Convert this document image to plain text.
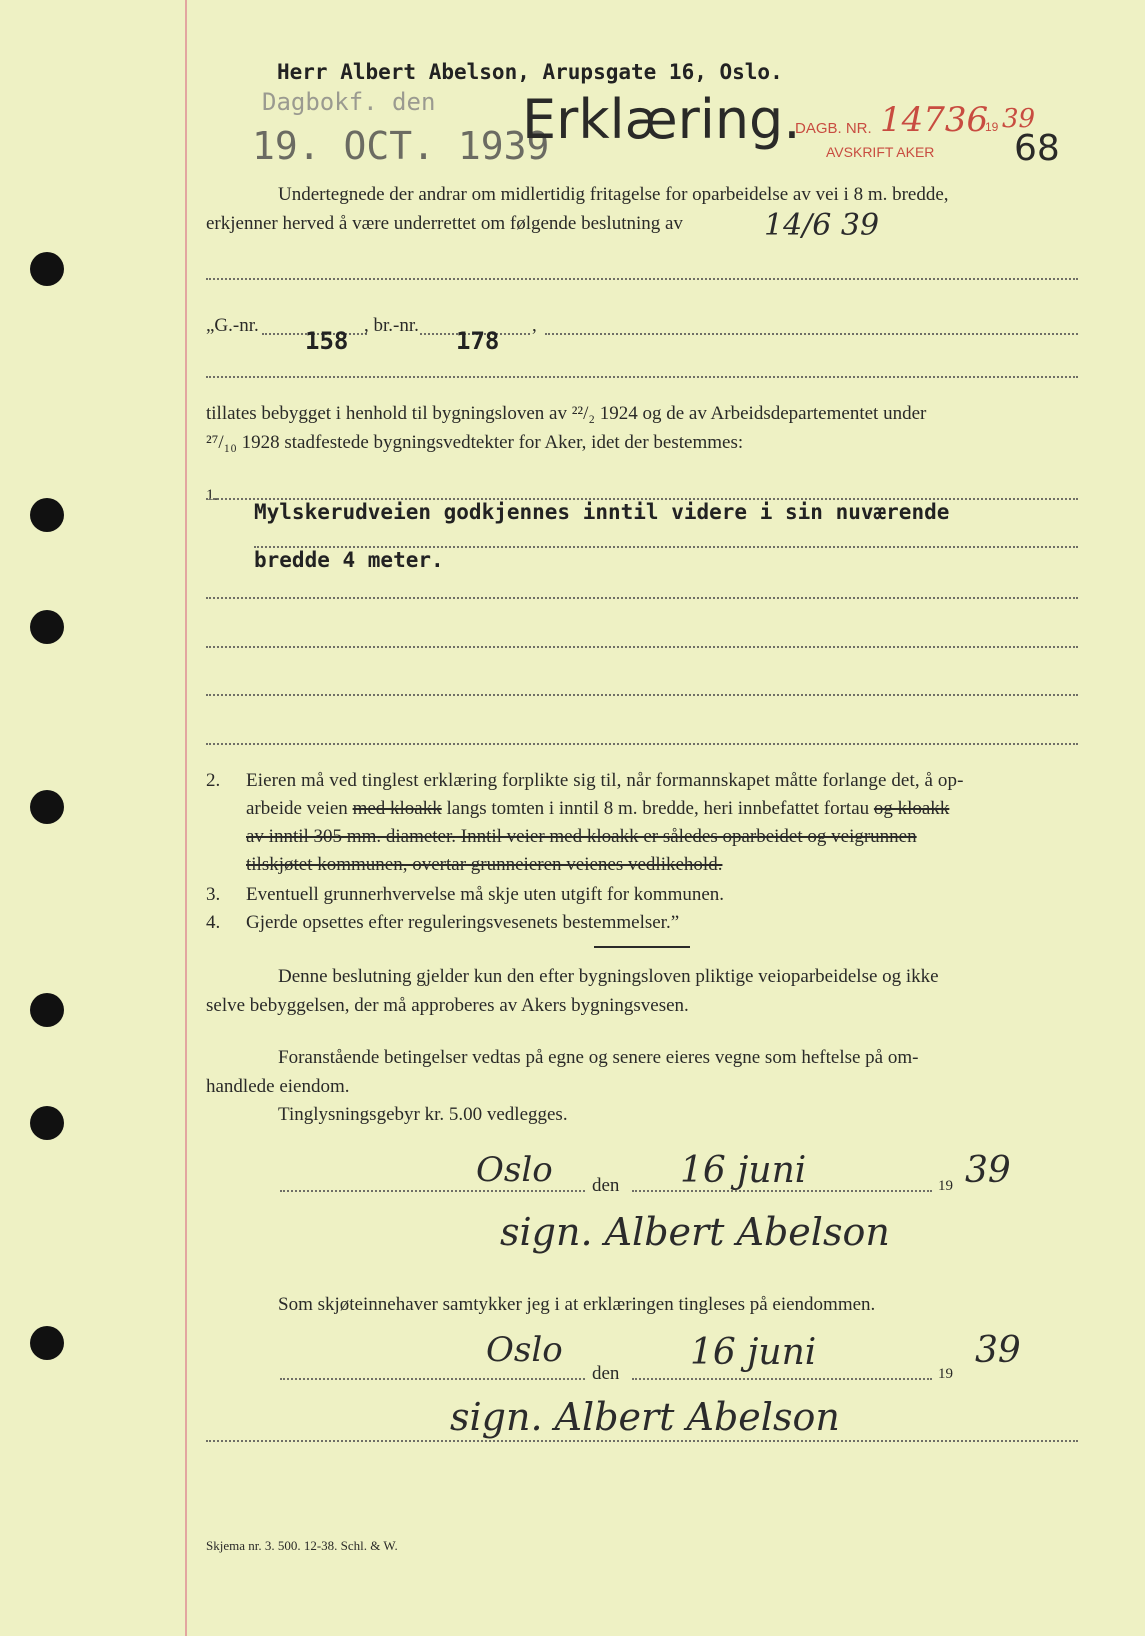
Herr Albert Abelson, Arupsgate 16, Oslo.
Dagbokf. den
19. OCT. 1939
Erklæring.
DAGB. NR. 14736
19 39
AVSKRIFT AKER 68
Undertegnede der andrar om midlertidig fritagelse for oparbeidelse av vei i 8 m. bredde,
erkjenner herved å være underrettet om følgende beslutning av	14/6 39
„G.-nr.
158
, br.-nr.
178
,
tillates bebygget i henhold til bygningsloven av ²²/₂ 1924 og de av Arbeidsdepartementet under
²⁷/₁₀ 1928 stadfestede bygningsvedtekter for Aker, idet der bestemmes:
1.
Mylskerudveien godkjennes inntil videre i sin nuværende
bredde 4 meter.
2. Eieren må ved tinglest erklæring forplikte sig til, når formannskapet måtte forlange det, å op-
arbeide veien med kloakk langs tomten i inntil 8 m. bredde, heri innbefattet fortau og kloakk
av inntil 305 mm. diameter. Inntil veier med kloakk er således oparbeidet og veigrunnen
tilskjøtet kommunen, overtar grunneieren veienes vedlikehold.
3. Eventuell grunnerhvervelse må skje uten utgift for kommunen.
4. Gjerde opsettes efter reguleringsvesenets bestemmelser.”
Denne beslutning gjelder kun den efter bygningsloven pliktige veioparbeidelse og ikke
selve bebyggelsen, der må approberes av Akers bygningsvesen.
Foranstående betingelser vedtas på egne og senere eieres vegne som heftelse på om-
handlede eiendom.
Tinglysningsgebyr kr. 5.00 vedlegges.
Oslo den 16 juni	19 39
sign. Albert Abelson
Som skjøteinnehaver samtykker jeg i at erklæringen tingleses på eiendommen.
Oslo
den
16 juni
19
39
sign. Albert Abelson
Skjema nr. 3. 500. 12-38. Schl. & W.
